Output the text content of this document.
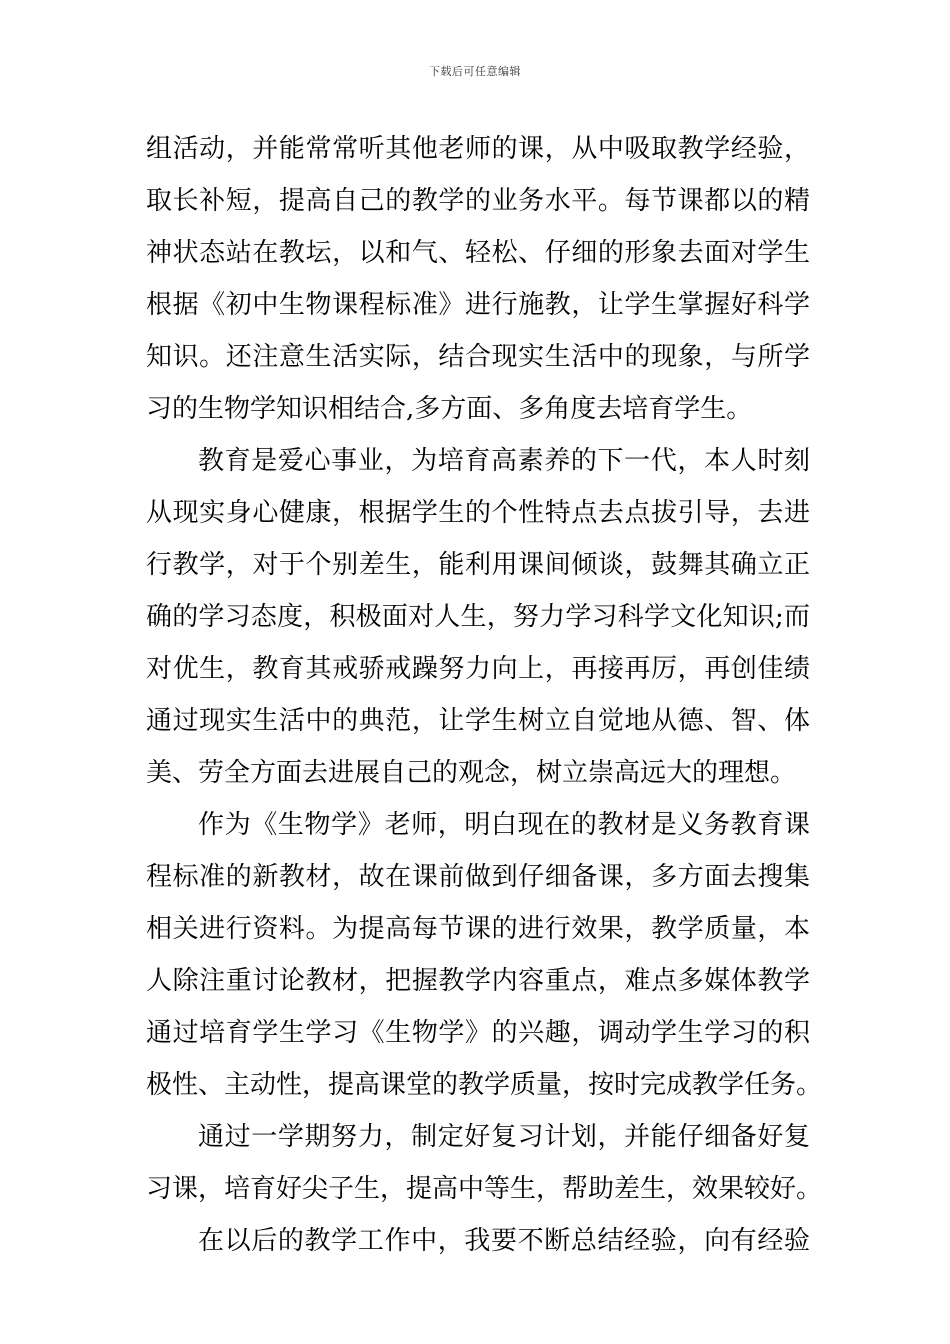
下载后可任意编辑
组活动，并能常常听其他老师的课，从中吸取教学经验，
取长补短，提高自己的教学的业务水平。每节课都以的精
神状态站在教坛，以和气、轻松、仔细的形象去面对学生
根据《初中生物课程标准》进行施教，让学生掌握好科学
知识。还注意生活实际，结合现实生活中的现象，与所学
习的生物学知识相结合,多方面、多角度去培育学生。
教育是爱心事业，为培育高素养的下一代，本人时刻
从现实身心健康，根据学生的个性特点去点拔引导，去进
行教学，对于个别差生，能利用课间倾谈，鼓舞其确立正
确的学习态度，积极面对人生，努力学习科学文化知识;而
对优生，教育其戒骄戒躁努力向上，再接再厉，再创佳绩
通过现实生活中的典范，让学生树立自觉地从德、智、体
美、劳全方面去进展自己的观念，树立崇高远大的理想。
作为《生物学》老师，明白现在的教材是义务教育课
程标准的新教材，故在课前做到仔细备课，多方面去搜集
相关进行资料。为提高每节课的进行效果，教学质量，本
人除注重讨论教材，把握教学内容重点，难点多媒体教学
通过培育学生学习《生物学》的兴趣，调动学生学习的积
极性、主动性，提高课堂的教学质量，按时完成教学任务。
通过一学期努力，制定好复习计划，并能仔细备好复
习课，培育好尖子生，提高中等生，帮助差生，效果较好。
在以后的教学工作中，我要不断总结经验，向有经验
